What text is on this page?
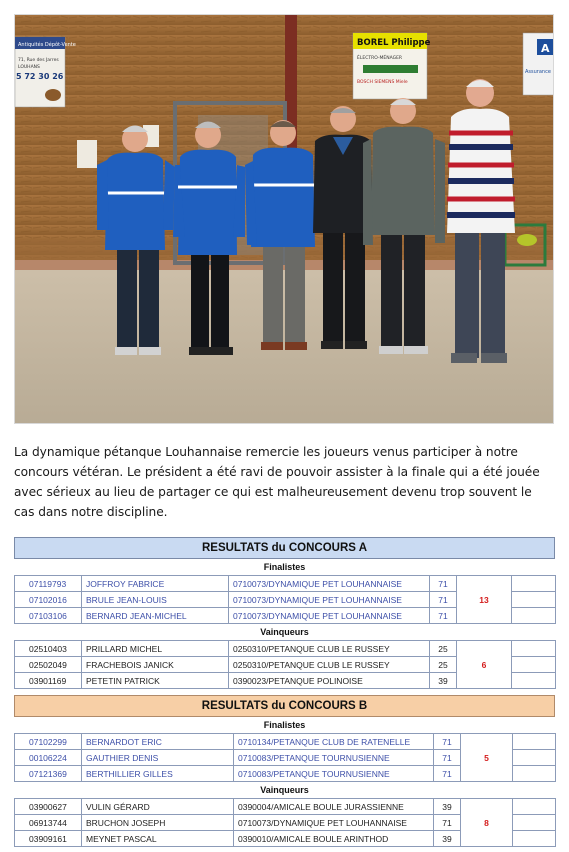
Antiquités Dépôt-Vente
71, Rue des Jarres
LOUHANS
5 72 30 26
BOREL Philippe
ÉLECTRO-MÉNAGER
BOSCH SIEMENS Miele
A
Assurance

La dynamique pétanque Louhannaise remercie les joueurs venus participer à notre concours vétéran. Le président a été ravi de pouvoir assister à la finale qui a été jouée avec sérieux au lieu de partager ce qui est malheureusement devenu trop souvent le cas dans notre discipline.

RESULTATS du CONCOURS A
Finalistes
07119793	JOFFROY FABRICE	0710073/DYNAMIQUE PET LOUHANNAISE	71	13	
07102016	BRULE JEAN-LOUIS	0710073/DYNAMIQUE PET LOUHANNAISE	71		
07103106	BERNARD JEAN-MICHEL	0710073/DYNAMIQUE PET LOUHANNAISE	71		
Vainqueurs
02510403	PRILLARD MICHEL	0250310/PETANQUE CLUB LE RUSSEY	25	6	
02502049	FRACHEBOIS JANICK	0250310/PETANQUE CLUB LE RUSSEY	25		
03901169	PETETIN PATRICK	0390023/PETANQUE POLINOISE	39		
RESULTATS du CONCOURS B
Finalistes
07102299	BERNARDOT ERIC	0710134/PETANQUE CLUB DE RATENELLE	71	5	
00106224	GAUTHIER DENIS	0710083/PETANQUE TOURNUSIENNE	71		
07121369	BERTHILLIER GILLES	0710083/PETANQUE TOURNUSIENNE	71		
Vainqueurs
03900627	VULIN GÉRARD	0390004/AMICALE BOULE JURASSIENNE	39	8	
06913744	BRUCHON JOSEPH	0710073/DYNAMIQUE PET LOUHANNAISE	71		
03909161	MEYNET PASCAL	0390010/AMICALE BOULE ARINTHOD	39		
